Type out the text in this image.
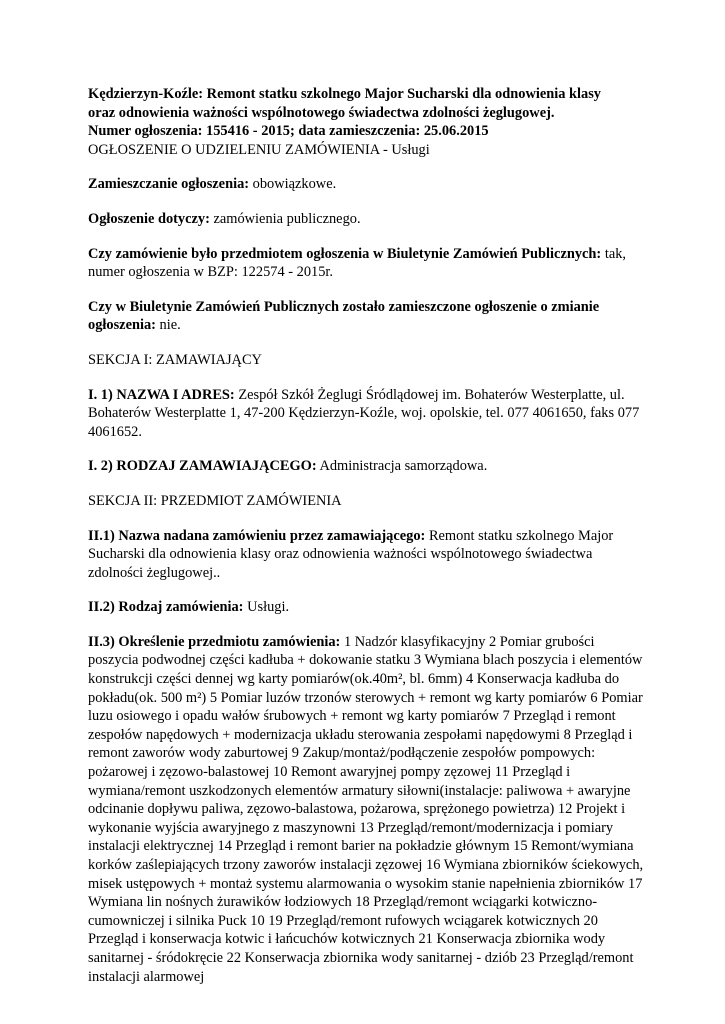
Kędzierzyn-Koźle: Remont statku szkolnego Major Sucharski dla odnowienia klasy
oraz odnowienia ważności wspólnotowego świadectwa zdolności żeglugowej.
Numer ogłoszenia: 155416 - 2015; data zamieszczenia: 25.06.2015
OGŁOSZENIE O UDZIELENIU ZAMÓWIENIA - Usługi

Zamieszczanie ogłoszenia: obowiązkowe.

Ogłoszenie dotyczy: zamówienia publicznego.

Czy zamówienie było przedmiotem ogłoszenia w Biuletynie Zamówień Publicznych: tak, numer ogłoszenia w BZP: 122574 - 2015r.

Czy w Biuletynie Zamówień Publicznych zostało zamieszczone ogłoszenie o zmianie ogłoszenia: nie.

SEKCJA I: ZAMAWIAJĄCY

I. 1) NAZWA I ADRES: Zespół Szkół Żeglugi Śródlądowej im. Bohaterów Westerplatte, ul. Bohaterów Westerplatte 1, 47-200 Kędzierzyn-Koźle, woj. opolskie, tel. 077 4061650, faks 077 4061652.

I. 2) RODZAJ ZAMAWIAJĄCEGO: Administracja samorządowa.

SEKCJA II: PRZEDMIOT ZAMÓWIENIA

II.1) Nazwa nadana zamówieniu przez zamawiającego: Remont statku szkolnego Major Sucharski dla odnowienia klasy oraz odnowienia ważności wspólnotowego świadectwa zdolności żeglugowej..

II.2) Rodzaj zamówienia: Usługi.

II.3) Określenie przedmiotu zamówienia: 1 Nadzór klasyfikacyjny 2 Pomiar grubości poszycia podwodnej części kadłuba + dokowanie statku 3 Wymiana blach poszycia i elementów konstrukcji części dennej wg karty pomiarów(ok.40m², bl. 6mm) 4 Konserwacja kadłuba do pokładu(ok. 500 m²) 5 Pomiar luzów trzonów sterowych + remont wg karty pomiarów 6 Pomiar luzu osiowego i opadu wałów śrubowych + remont wg karty pomiarów 7 Przegląd i remont zespołów napędowych + modernizacja układu sterowania zespołami napędowymi 8 Przegląd i remont zaworów wody zaburtowej 9 Zakup/montaż/podłączenie zespołów pompowych: pożarowej i zęzowo-balastowej 10 Remont awaryjnej pompy zęzowej 11 Przegląd i wymiana/remont uszkodzonych elementów armatury siłowni(instalacje: paliwowa + awaryjne odcinanie dopływu paliwa, zęzowo-balastowa, pożarowa, sprężonego powietrza) 12 Projekt i wykonanie wyjścia awaryjnego z maszynowni 13 Przegląd/remont/modernizacja i pomiary instalacji elektrycznej 14 Przegląd i remont barier na pokładzie głównym 15 Remont/wymiana korków zaślepiających trzony zaworów instalacji zęzowej 16 Wymiana zbiorników ściekowych, misek ustępowych + montaż systemu alarmowania o wysokim stanie napełnienia zbiorników 17 Wymiana lin nośnych żurawików łodziowych 18 Przegląd/remont wciągarki kotwiczno-cumowniczej i silnika Puck 10 19 Przegląd/remont rufowych wciągarek kotwicznych 20 Przegląd i konserwacja kotwic i łańcuchów kotwicznych 21 Konserwacja zbiornika wody sanitarnej - śródokręcie 22 Konserwacja zbiornika wody sanitarnej - dziób 23 Przegląd/remont instalacji alarmowej
